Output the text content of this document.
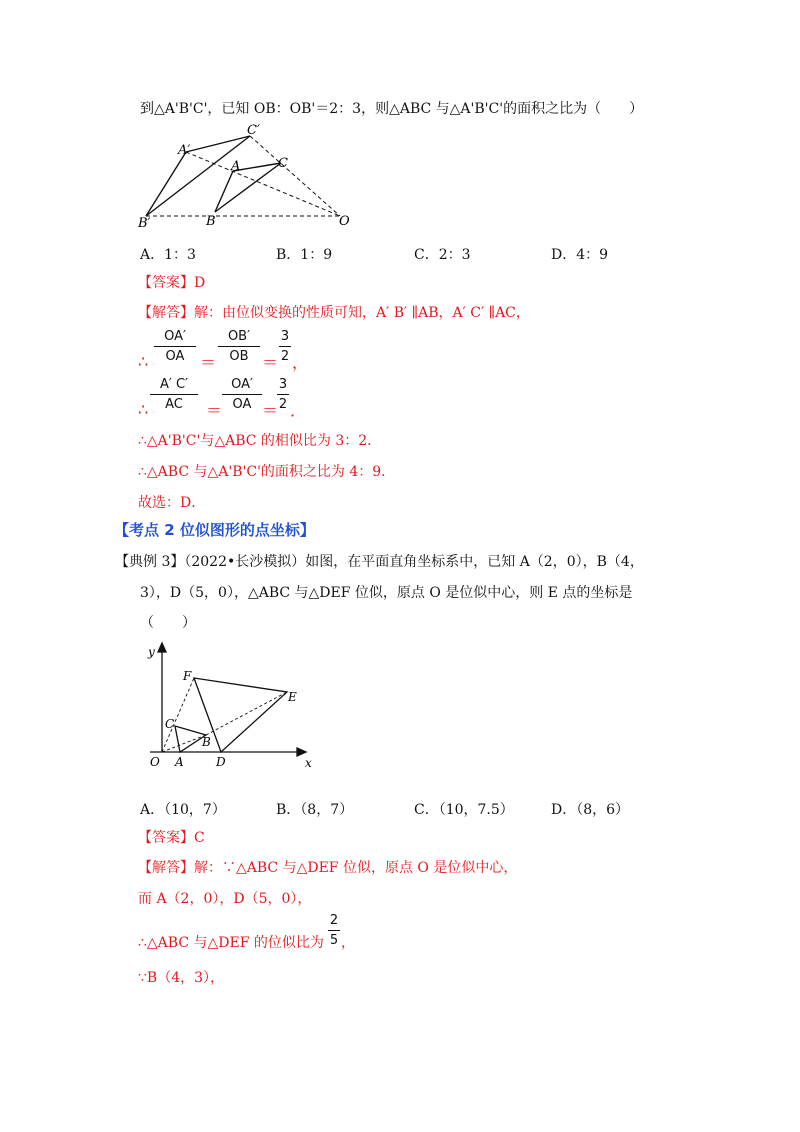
到△A'B'C'，已知 OB：OB'＝2：3，则△ABC 与△A'B'C'的面积之比为（　　）
A′
C′
A	C
B′	B	O
A．1：3	B．1：9	C．2：3	D．4：9
【答案】D
【解答】解：由位似变换的性质可知，A′ B′ ∥AB，A′ C′ ∥AC，
∴
OA′
OA ＝
OB′
OB ＝
3
2 ，
∴
A′ C′
AC	＝
OA′
OA ＝
3
2 ．
∴△A'B'C'与△ABC 的相似比为 3：2．
∴△ABC 与△A'B'C'的面积之比为 4：9．
故选：D．
【考点 2 位似图形的点坐标】
【典例 3】（2022•长沙模拟）如图，在平面直角坐标系中，已知 A（2，0），B（4，
3），D（5，0），△ABC 与△DEF 位似，原点 O 是位似中心，则 E 点的坐标是
（　　）
y
x
O
F
E
C
B
A	D
A．（10，7）	B．（8，7）	C．（10，7.5）	D．（8，6）
【答案】C
【解答】解：∵△ABC 与△DEF 位似，原点 O 是位似中心，
而 A（2，0），D（5，0），
∴△ABC 与△DEF 的位似比为
2
5 ，
∵B（4，3），
